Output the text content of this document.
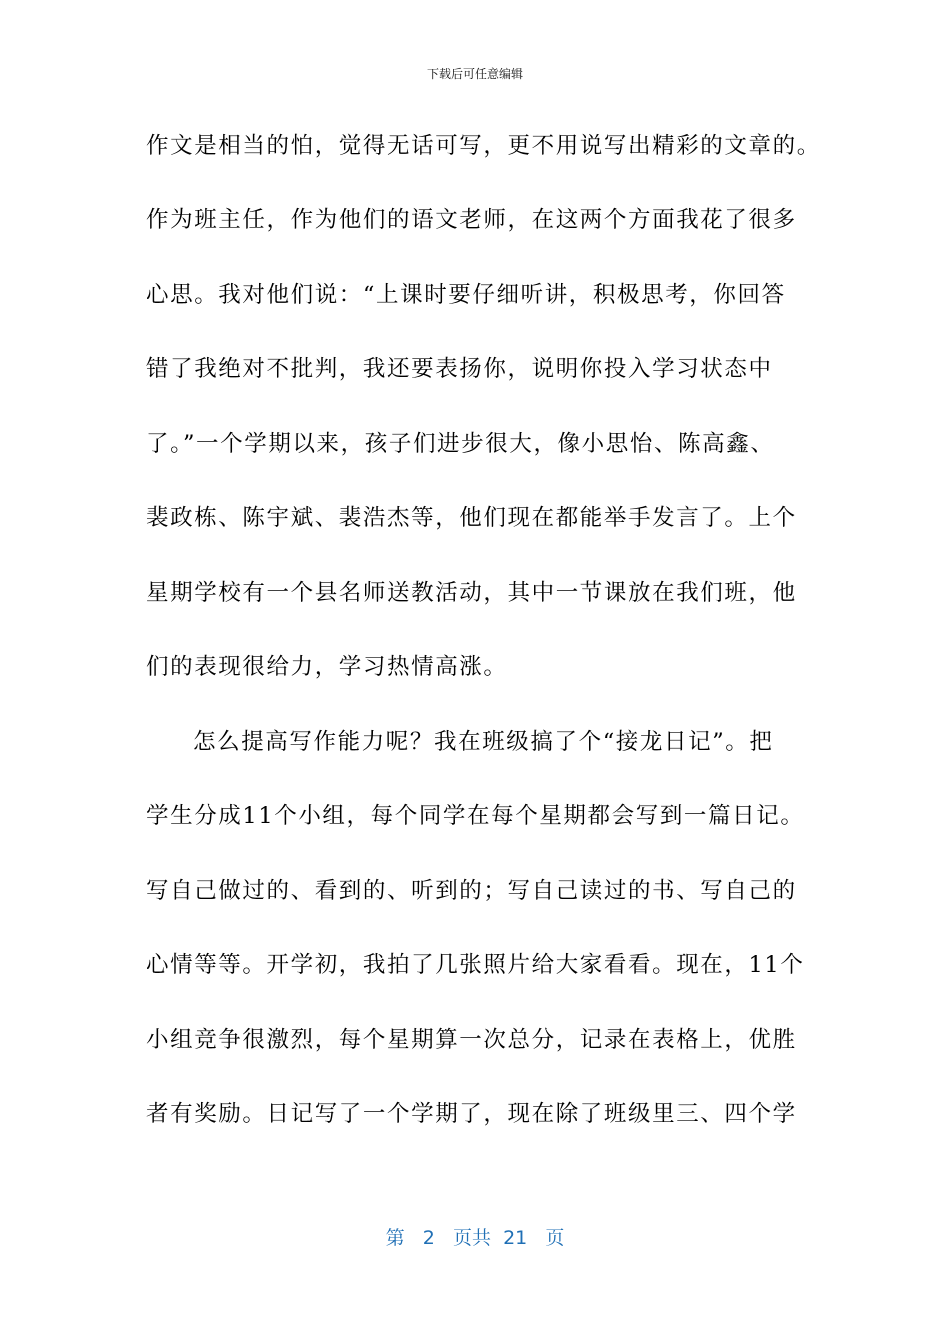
下载后可任意编辑
作文是相当的怕，觉得无话可写，更不用说写出精彩的文章的。
作为班主任，作为他们的语文老师，在这两个方面我花了很多
心思。我对他们说：“上课时要仔细听讲，积极思考，你回答
错了我绝对不批判，我还要表扬你，说明你投入学习状态中
了。”一个学期以来，孩子们进步很大，像小思怡、陈高鑫、
裴政栋、陈宇斌、裴浩杰等，他们现在都能举手发言了。上个
星期学校有一个县名师送教活动，其中一节课放在我们班，他
们的表现很给力，学习热情高涨。
怎么提高写作能力呢？我在班级搞了个“接龙日记”。把
学生分成11个小组，每个同学在每个星期都会写到一篇日记。
写自己做过的、看到的、听到的；写自己读过的书、写自己的
心情等等。开学初，我拍了几张照片给大家看看。现在，11个
小组竞争很激烈，每个星期算一次总分，记录在表格上，优胜
者有奖励。日记写了一个学期了，现在除了班级里三、四个学
第 2 页共 21 页
